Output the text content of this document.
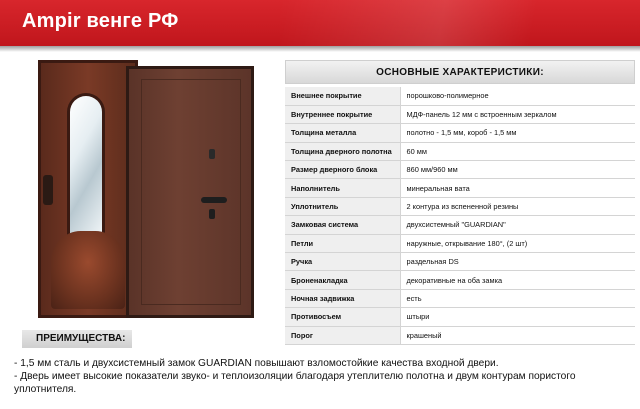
Ampir венге РФ
ОСНОВНЫЕ ХАРАКТЕРИСТИКИ:
Внешнее покрытие	порошково-полимерное
Внутреннее покрытие	МДФ-панель 12 мм с встроенным зеркалом
Толщина металла	полотно - 1,5 мм, короб - 1,5 мм
Толщина дверного полотна	60 мм
Размер дверного блока	860 мм/960 мм
Наполнитель	минеральная вата
Уплотнитель	2 контура из вспененной резины
Замковая система	двухсистемный "GUARDIAN"
Петли	наружные, открывание 180°, (2 шт)
Ручка	раздельная DS
Броненакладка	декоративные на оба замка
Ночная задвижка	есть
Противосъем	штыри
Порог	крашеный
ПРЕИМУЩЕСТВА:

- 1,5 мм сталь и двухсистемный замок GUARDIAN повышают взломостойкие качества входной двери.

- Дверь имеет высокие показатели звуко- и теплоизоляции благодаря утеплителю полотна и двум контурам пористого уплотнителя.
